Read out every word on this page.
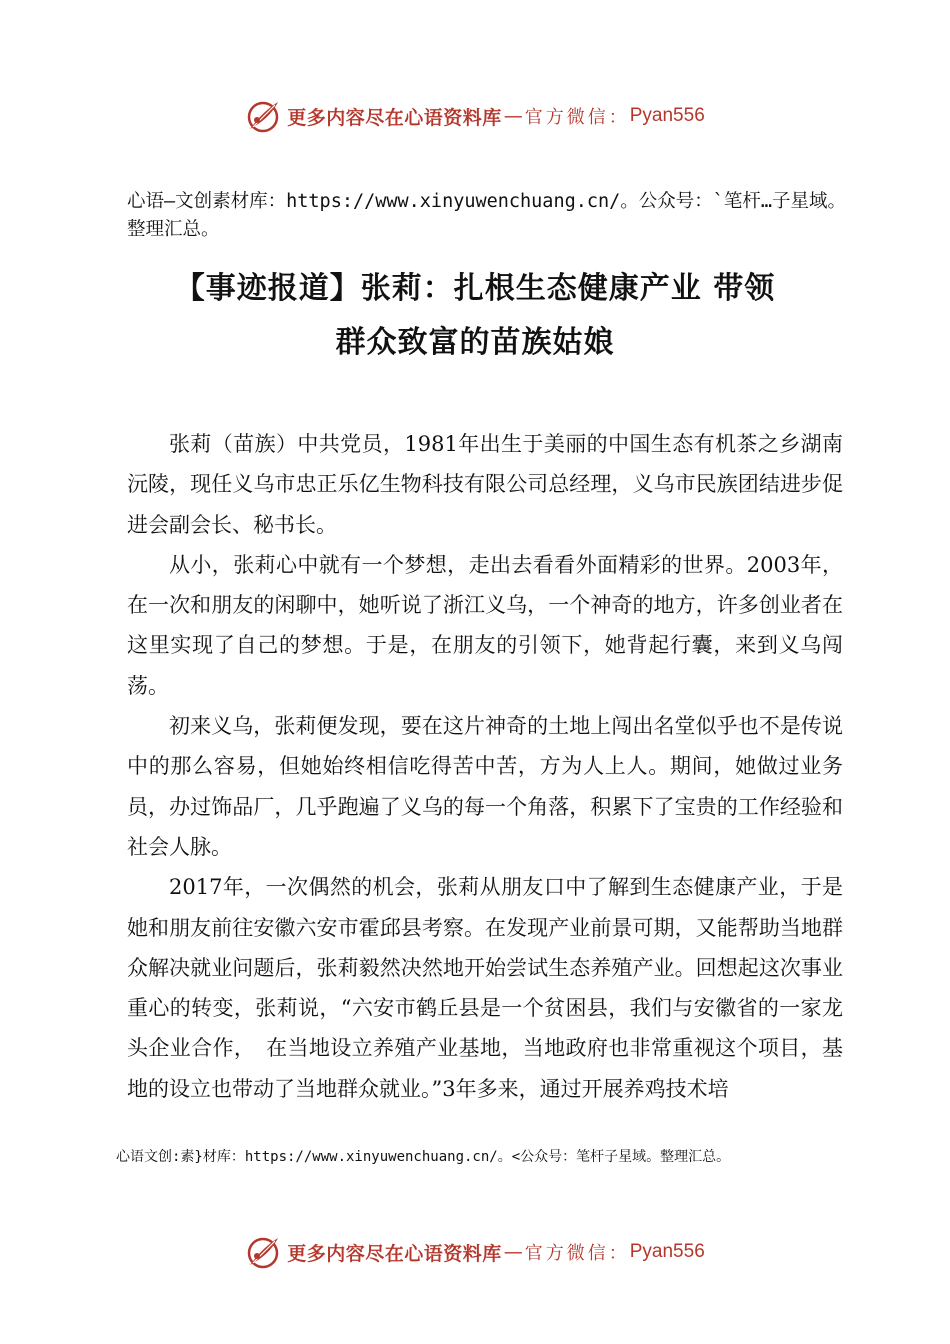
更多内容尽在心语资料库 — 官方微信： Pyan556
心语—文创素材库：https://www.xinyuwenchuang.cn/。公众号：`笔杆…子星域。整理汇总。
【事迹报道】张莉：扎根生态健康产业 带领
群众致富的苗族姑娘

张莉（苗族）中共党员，1981年出生于美丽的中国生态有机茶之乡湖南沅陵，现任义乌市忠正乐亿生物科技有限公司总经理，义乌市民族团结进步促进会副会长、秘书长。

从小，张莉心中就有一个梦想，走出去看看外面精彩的世界。2003年，在一次和朋友的闲聊中，她听说了浙江义乌，一个神奇的地方，许多创业者在这里实现了自己的梦想。于是，在朋友的引领下，她背起行囊，来到义乌闯荡。

初来义乌，张莉便发现，要在这片神奇的土地上闯出名堂似乎也不是传说中的那么容易，但她始终相信吃得苦中苦，方为人上人。期间，她做过业务员，办过饰品厂，几乎跑遍了义乌的每一个角落，积累下了宝贵的工作经验和社会人脉。

2017年，一次偶然的机会，张莉从朋友口中了解到生态健康产业，于是她和朋友前往安徽六安市霍邱县考察。在发现产业前景可期，又能帮助当地群众解决就业问题后，张莉毅然决然地开始尝试生态养殖产业。回想起这次事业重心的转变，张莉说，“六安市鹤丘县是一个贫困县，我们与安徽省的一家龙头企业合作，　在当地设立养殖产业基地，当地政府也非常重视这个项目，基地的设立也带动了当地群众就业。”3年多来，通过开展养鸡技术培

心语文创:素}材库：https://www.xinyuwenchuang.cn/。<公众号：笔杆子星域。整理汇总。
更多内容尽在心语资料库 — 官方微信： Pyan556
